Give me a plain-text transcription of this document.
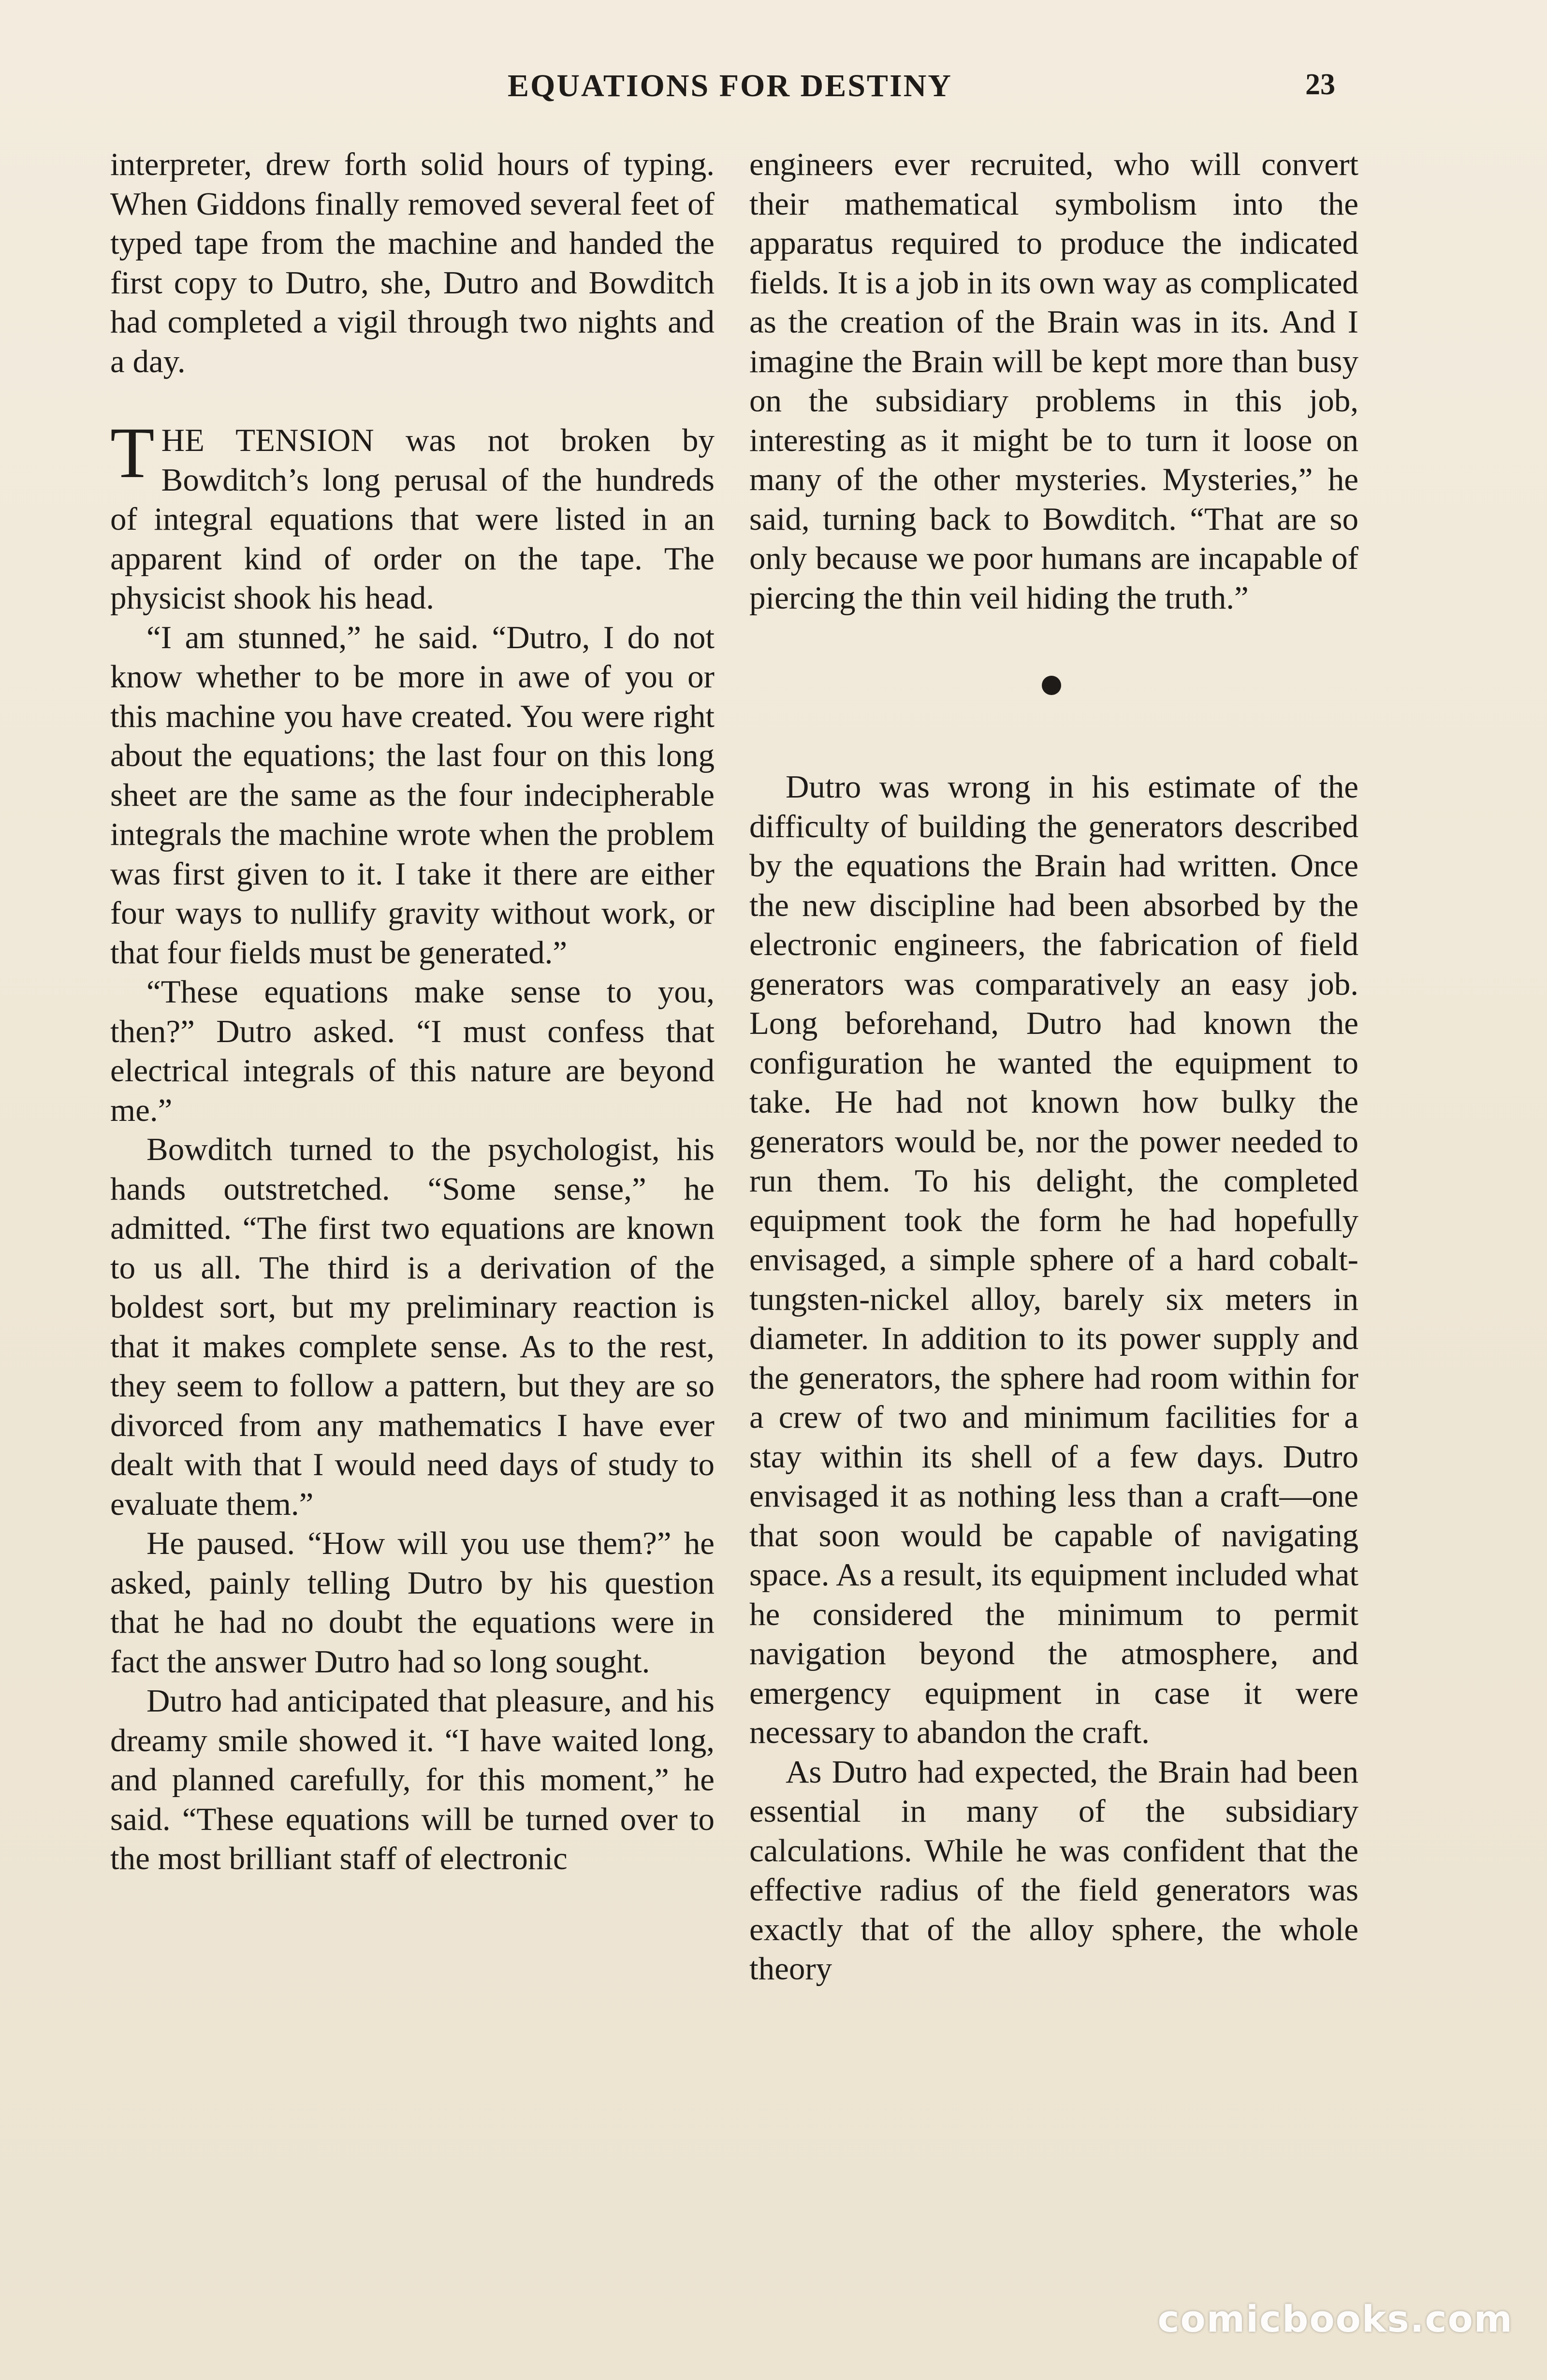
EQUATIONS FOR DESTINY	23

interpreter, drew forth solid hours of typing. When Giddons finally removed several feet of typed tape from the machine and handed the first copy to Dutro, she, Dutro and Bowditch had completed a vigil through two nights and a day.

THE TENSION was not broken by Bowditch’s long perusal of the hundreds of integral equations that were listed in an apparent kind of order on the tape. The physicist shook his head.

“I am stunned,” he said. “Dutro, I do not know whether to be more in awe of you or this machine you have created. You were right about the equations; the last four on this long sheet are the same as the four indecipherable integrals the machine wrote when the problem was first given to it. I take it there are either four ways to nullify gravity without work, or that four fields must be generated.”

“These equations make sense to you, then?” Dutro asked. “I must confess that electrical integrals of this nature are beyond me.”

Bowditch turned to the psychologist, his hands outstretched. “Some sense,” he admitted. “The first two equations are known to us all. The third is a derivation of the boldest sort, but my preliminary reaction is that it makes complete sense. As to the rest, they seem to follow a pattern, but they are so divorced from any mathematics I have ever dealt with that I would need days of study to evaluate them.”

He paused. “How will you use them?” he asked, painly telling Dutro by his question that he had no doubt the equations were in fact the answer Dutro had so long sought.

Dutro had anticipated that pleasure, and his dreamy smile showed it. “I have waited long, and planned carefully, for this moment,” he said. “These equations will be turned over to the most brilliant staff of electronic

engineers ever recruited, who will convert their mathematical symbolism into the apparatus required to produce the indicated fields. It is a job in its own way as complicated as the creation of the Brain was in its. And I imagine the Brain will be kept more than busy on the subsidiary problems in this job, interesting as it might be to turn it loose on many of the other mysteries. Mysteries,” he said, turning back to Bowditch. “That are so only because we poor humans are incapable of piercing the thin veil hiding the truth.”

Dutro was wrong in his estimate of the difficulty of building the generators described by the equations the Brain had written. Once the new discipline had been absorbed by the electronic engineers, the fabrication of field generators was comparatively an easy job. Long beforehand, Dutro had known the configuration he wanted the equipment to take. He had not known how bulky the generators would be, nor the power needed to run them. To his delight, the completed equipment took the form he had hopefully envisaged, a simple sphere of a hard cobalt-tungsten-nickel alloy, barely six meters in diameter. In addition to its power supply and the generators, the sphere had room within for a crew of two and minimum facilities for a stay within its shell of a few days. Dutro envisaged it as nothing less than a craft—one that soon would be capable of navigating space. As a result, its equipment included what he considered the minimum to permit navigation beyond the atmosphere, and emergency equipment in case it were necessary to abandon the craft.

As Dutro had expected, the Brain had been essential in many of the subsidiary calculations. While he was confident that the effective radius of the field generators was exactly that of the alloy sphere, the whole theory

comicbooks.com
